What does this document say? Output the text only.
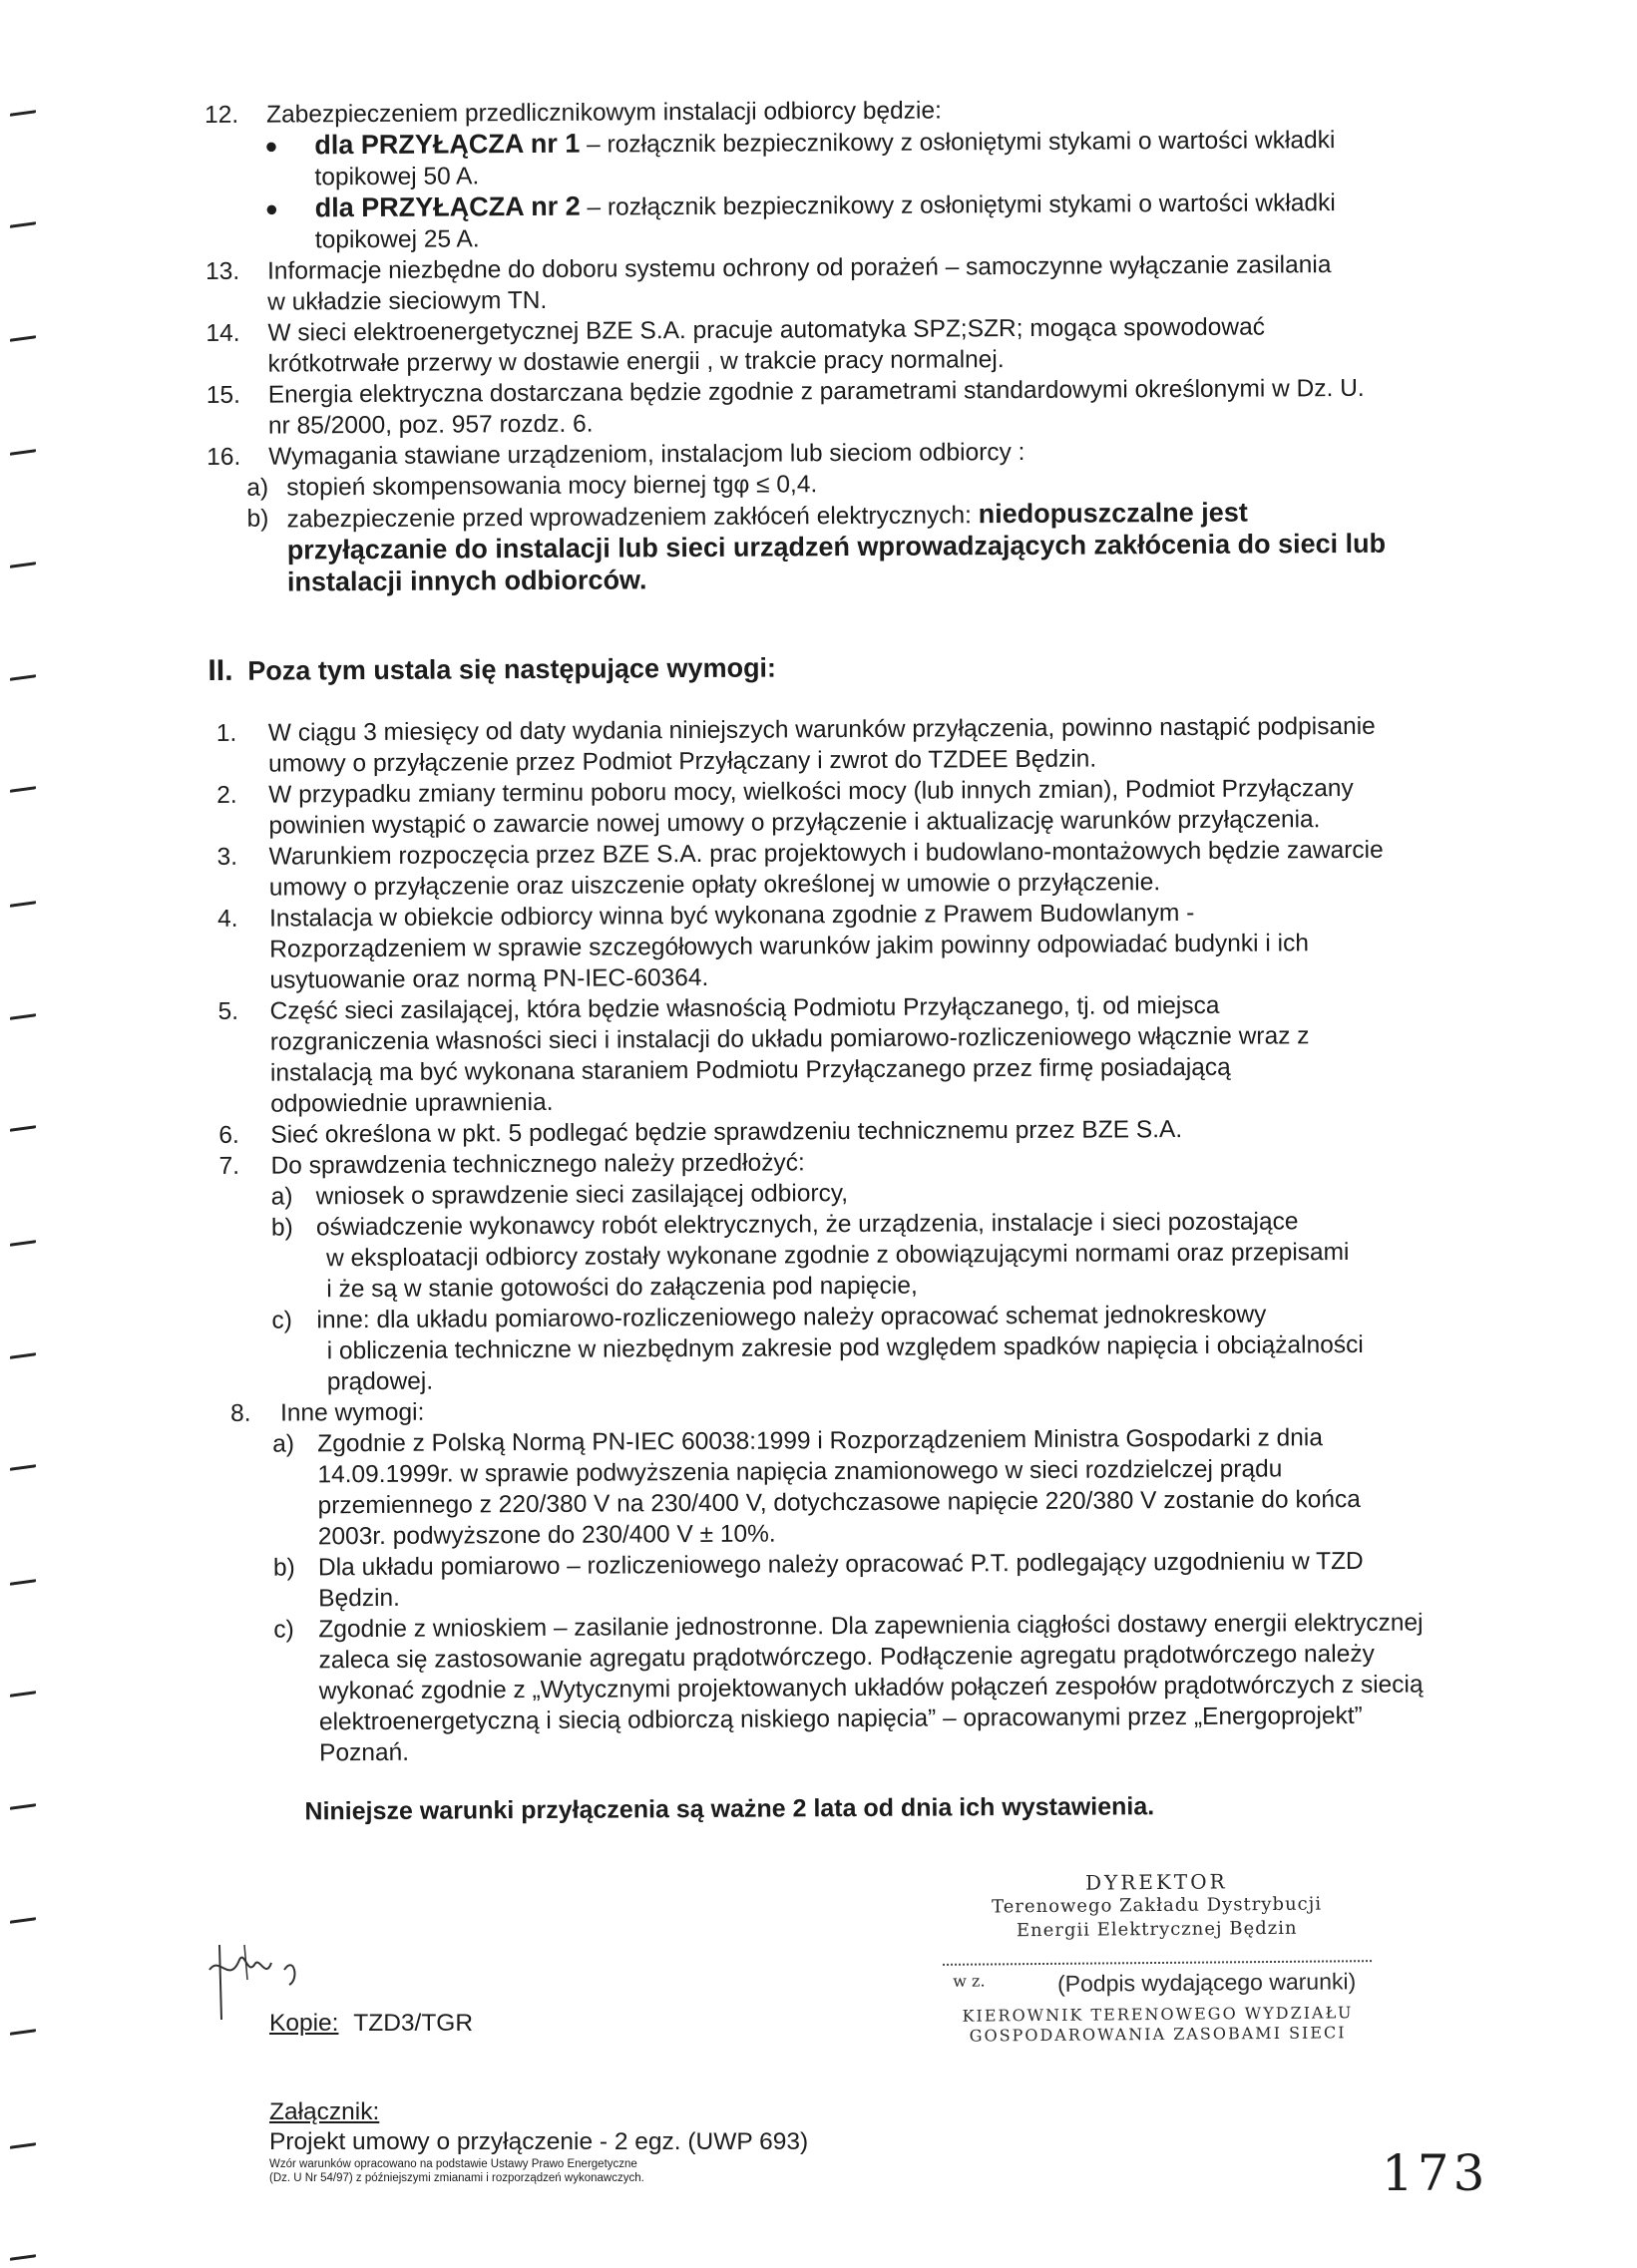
12. Zabezpieczeniem przedlicznikowym instalacji odbiorcy będzie:
● dla PRZYŁĄCZA nr 1 – rozłącznik bezpiecznikowy z osłoniętymi stykami o wartości wkładki
topikowej 50 A.
● dla PRZYŁĄCZA nr 2 – rozłącznik bezpiecznikowy z osłoniętymi stykami o wartości wkładki
topikowej 25 A.
13. Informacje niezbędne do doboru systemu ochrony od porażeń – samoczynne wyłączanie zasilania
w układzie sieciowym TN.
14. W sieci elektroenergetycznej BZE S.A. pracuje automatyka SPZ;SZR; mogąca spowodować
krótkotrwałe przerwy w dostawie energii , w trakcie pracy normalnej.
15. Energia elektryczna dostarczana będzie zgodnie z parametrami standardowymi określonymi w Dz. U.
nr 85/2000, poz. 957 rozdz. 6.
16. Wymagania stawiane urządzeniom, instalacjom lub sieciom odbiorcy :
a) stopień skompensowania mocy biernej tgφ ≤ 0,4.
b) zabezpieczenie przed wprowadzeniem zakłóceń elektrycznych: niedopuszczalne jest
przyłączanie do instalacji lub sieci urządzeń wprowadzających zakłócenia do sieci lub
instalacji innych odbiorców.
II. Poza tym ustala się następujące wymogi:
1. W ciągu 3 miesięcy od daty wydania niniejszych warunków przyłączenia, powinno nastąpić podpisanie
umowy o przyłączenie przez Podmiot Przyłączany i zwrot do TZDEE Będzin.
2. W przypadku zmiany terminu poboru mocy, wielkości mocy (lub innych zmian), Podmiot Przyłączany
powinien wystąpić o zawarcie nowej umowy o przyłączenie i aktualizację warunków przyłączenia.
3. Warunkiem rozpoczęcia przez BZE S.A. prac projektowych i budowlano-montażowych będzie zawarcie
umowy o przyłączenie oraz uiszczenie opłaty określonej w umowie o przyłączenie.
4. Instalacja w obiekcie odbiorcy winna być wykonana zgodnie z Prawem Budowlanym -
Rozporządzeniem w sprawie szczegółowych warunków jakim powinny odpowiadać budynki i ich
usytuowanie oraz normą PN-IEC-60364.
5. Część sieci zasilającej, która będzie własnością Podmiotu Przyłączanego, tj. od miejsca
rozgraniczenia własności sieci i instalacji do układu pomiarowo-rozliczeniowego włącznie wraz z
instalacją ma być wykonana staraniem Podmiotu Przyłączanego przez firmę posiadającą
odpowiednie uprawnienia.
6. Sieć określona w pkt. 5 podlegać będzie sprawdzeniu technicznemu przez BZE S.A.
7. Do sprawdzenia technicznego należy przedłożyć:
a) wniosek o sprawdzenie sieci zasilającej odbiorcy,
b) oświadczenie wykonawcy robót elektrycznych, że urządzenia, instalacje i sieci pozostające
w eksploatacji odbiorcy zostały wykonane zgodnie z obowiązującymi normami oraz przepisami
i że są w stanie gotowości do załączenia pod napięcie,
c) inne: dla układu pomiarowo-rozliczeniowego należy opracować schemat jednokreskowy
i obliczenia techniczne w niezbędnym zakresie pod względem spadków napięcia i obciążalności
prądowej.
8. Inne wymogi:
a) Zgodnie z Polską Normą PN-IEC 60038:1999 i Rozporządzeniem Ministra Gospodarki z dnia
14.09.1999r. w sprawie podwyższenia napięcia znamionowego w sieci rozdzielczej prądu
przemiennego z 220/380 V na 230/400 V, dotychczasowe napięcie 220/380 V zostanie do końca
2003r. podwyższone do 230/400 V ± 10%.
b) Dla układu pomiarowo – rozliczeniowego należy opracować P.T. podlegający uzgodnieniu w TZD
Będzin.
c) Zgodnie z wnioskiem – zasilanie jednostronne. Dla zapewnienia ciągłości dostawy energii elektrycznej
zaleca się zastosowanie agregatu prądotwórczego. Podłączenie agregatu prądotwórczego należy
wykonać zgodnie z „Wytycznymi projektowanych układów połączeń zespołów prądotwórczych z siecią
elektroenergetyczną i siecią odbiorczą niskiego napięcia” – opracowanymi przez „Energoprojekt”
Poznań.
Niniejsze warunki przyłączenia są ważne 2 lata od dnia ich wystawienia.
DYREKTOR
Terenowego Zakładu Dystrybucji
Energii Elektrycznej Będzin
w z.	(Podpis wydającego warunki)
KIEROWNIK TERENOWEGO WYDZIAŁU
GOSPODAROWANIA ZASOBAMI SIECI
Kopie: TZD3/TGR
Załącznik:
Projekt umowy o przyłączenie - 2 egz. (UWP 693)
Wzór warunków opracowano na podstawie Ustawy Prawo Energetyczne
(Dz. U Nr 54/97) z późniejszymi zmianami i rozporządzeń wykonawczych.	173
